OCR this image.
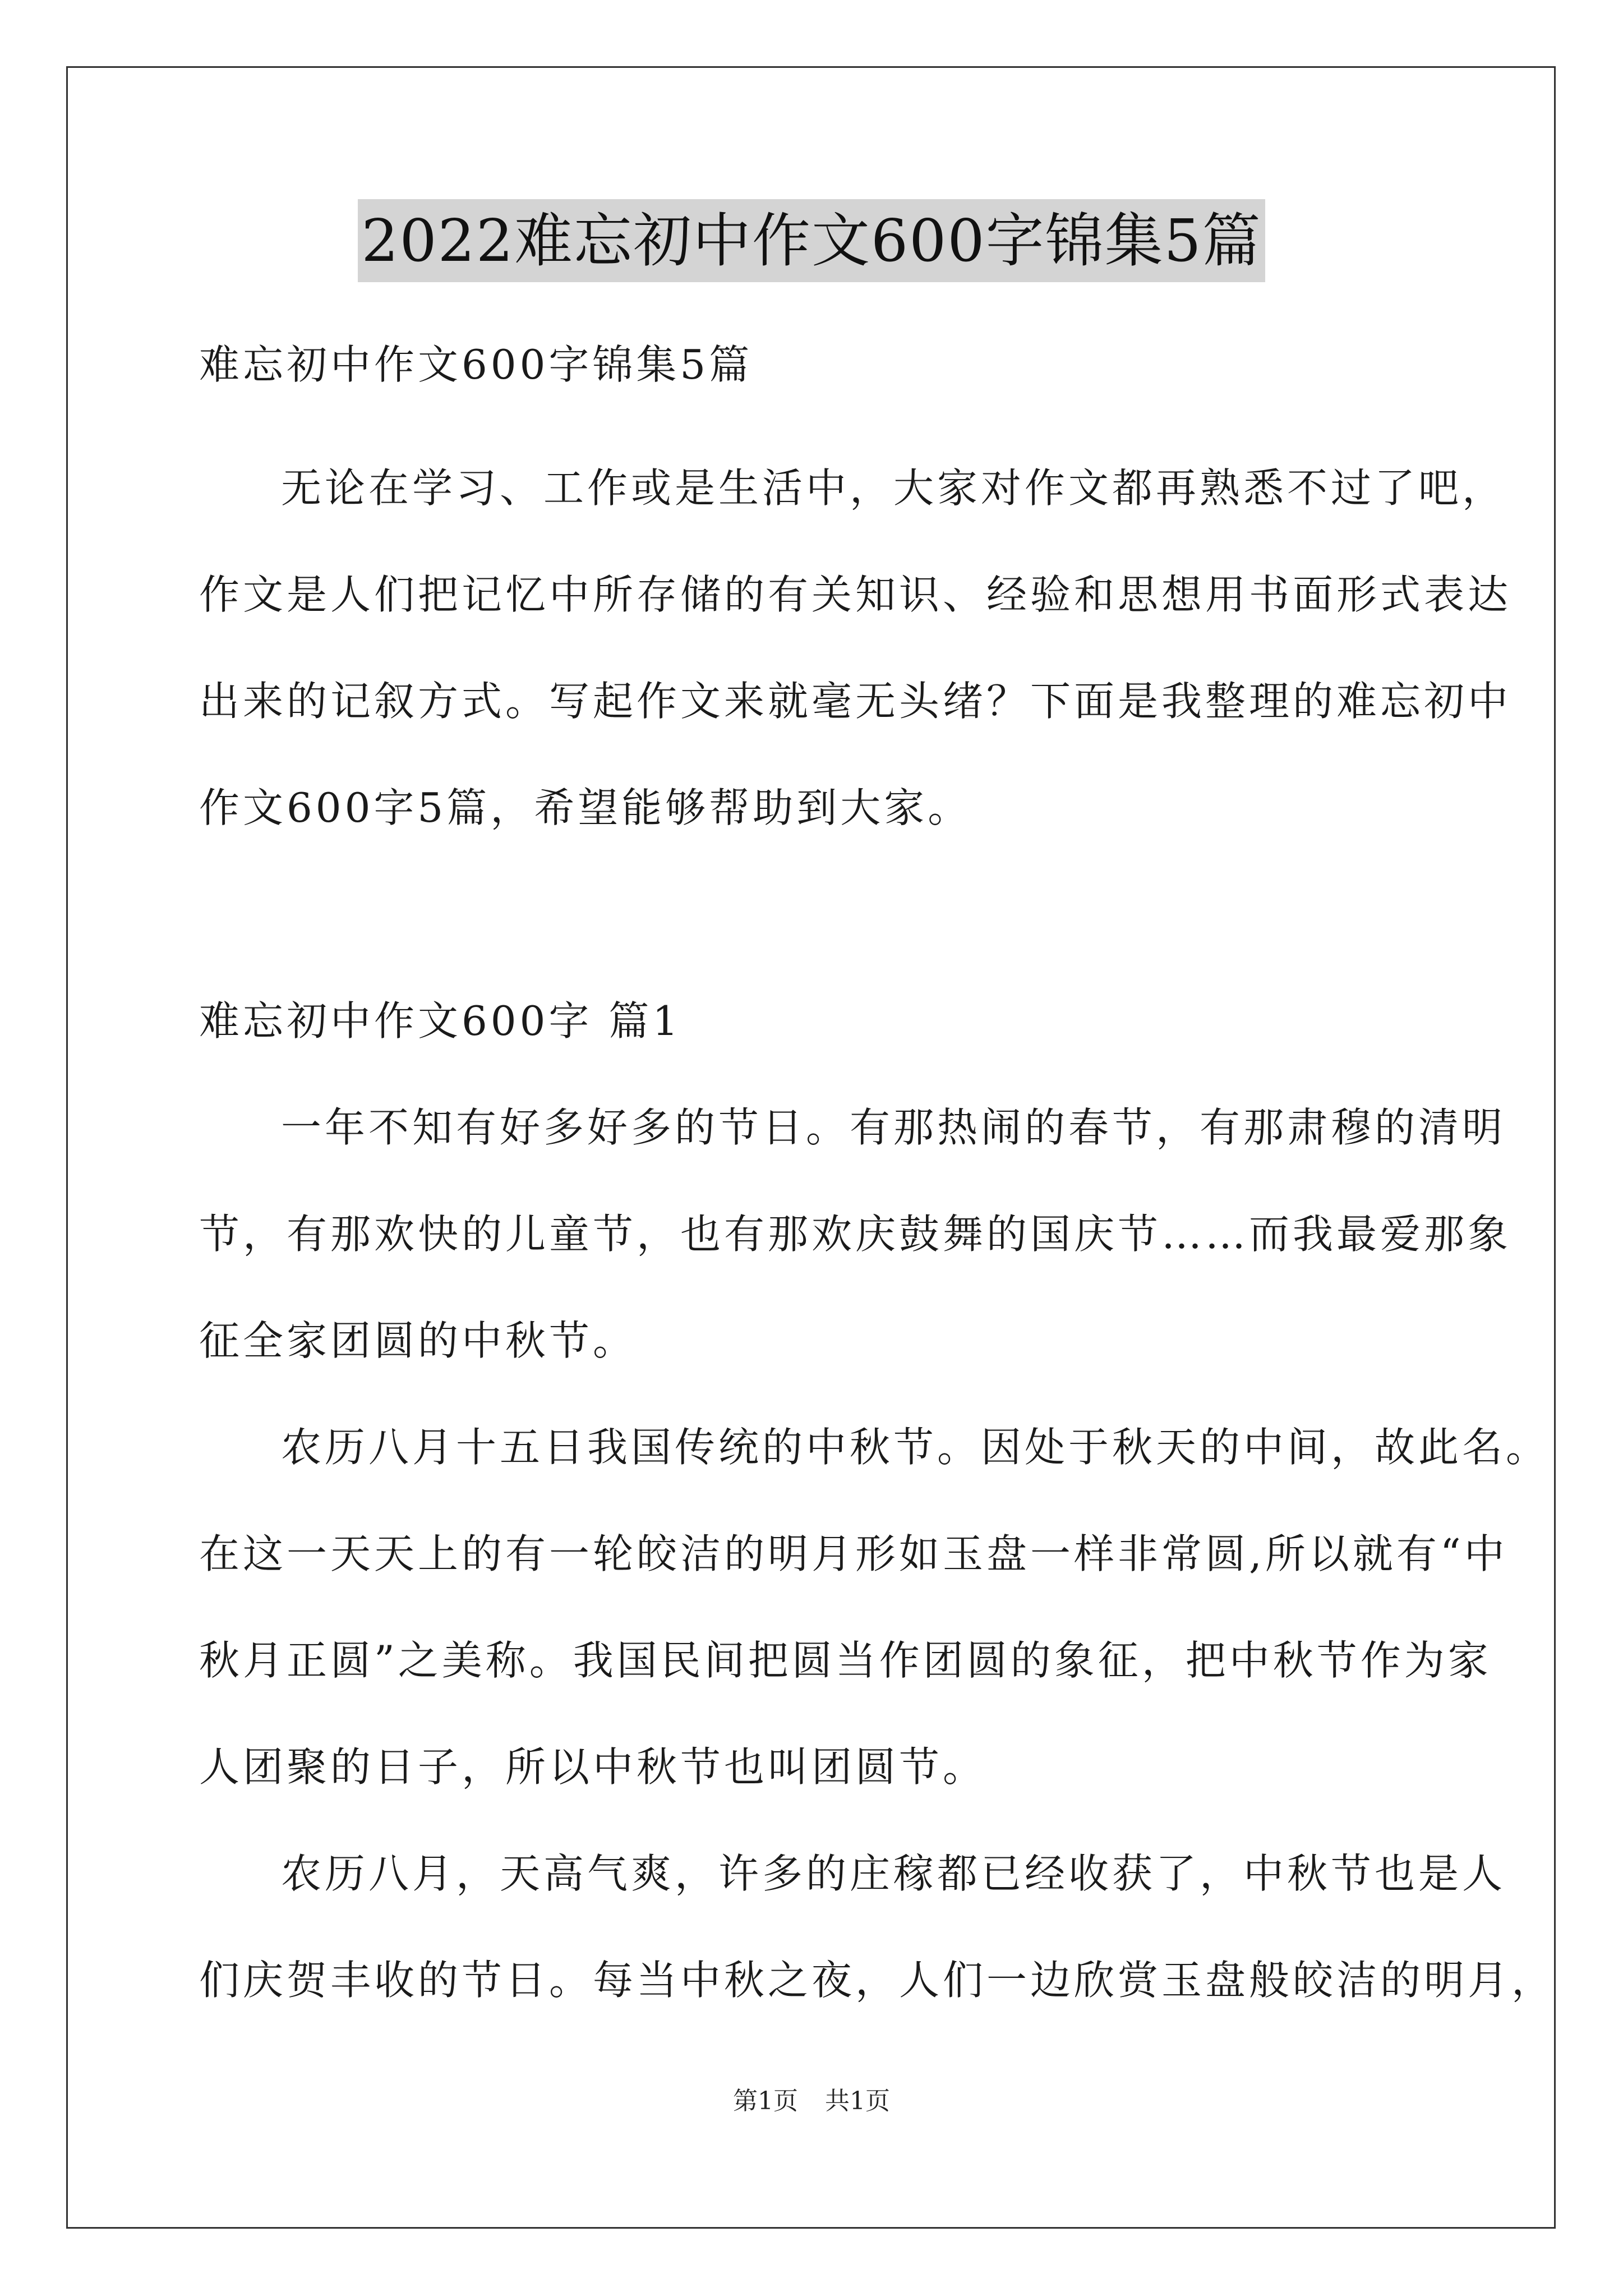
2022难忘初中作文600字锦集5篇
难忘初中作文600字锦集5篇
无论在学习、工作或是生活中，大家对作文都再熟悉不过了吧，
作文是人们把记忆中所存储的有关知识、经验和思想用书面形式表达
出来的记叙方式。写起作文来就毫无头绪？下面是我整理的难忘初中
作文600字5篇，希望能够帮助到大家。
难忘初中作文600字 篇1
一年不知有好多好多的节日。有那热闹的春节，有那肃穆的清明
节，有那欢快的儿童节，也有那欢庆鼓舞的国庆节……而我最爱那象
征全家团圆的中秋节。
农历八月十五日我国传统的中秋节。因处于秋天的中间，故此名。
在这一天天上的有一轮皎洁的明月形如玉盘一样非常圆,所以就有“中
秋月正圆”之美称。我国民间把圆当作团圆的象征，把中秋节作为家
人团聚的日子，所以中秋节也叫团圆节。
农历八月，天高气爽，许多的庄稼都已经收获了，中秋节也是人
们庆贺丰收的节日。每当中秋之夜，人们一边欣赏玉盘般皎洁的明月，
第1页 共1页
